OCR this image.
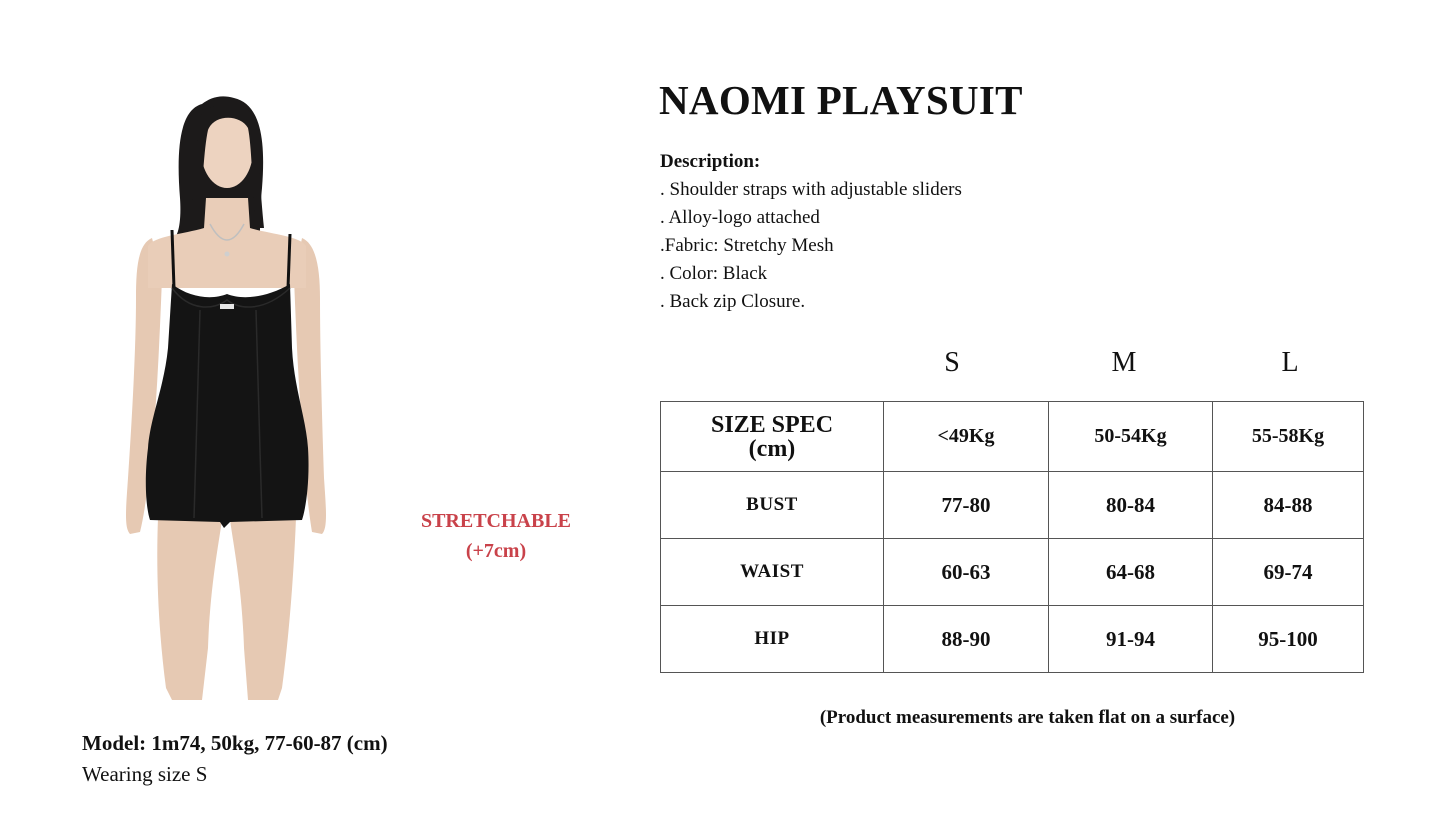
Model: 1m74, 50kg, 77-60-87 (cm)
Wearing size S
STRETCHABLE
(+7cm)
NAOMI PLAYSUIT
Description:
. Shoulder straps with adjustable sliders
. Alloy-logo attached
.Fabric: Stretchy Mesh
. Color: Black
. Back zip Closure.
S	M	L
SIZE SPEC
(cm)	<49Kg	50-54Kg	55-58Kg
BUST	77-80	80-84	84-88
WAIST	60-63	64-68	69-74
HIP	88-90	91-94	95-100
(Product measurements are taken flat on a surface)
